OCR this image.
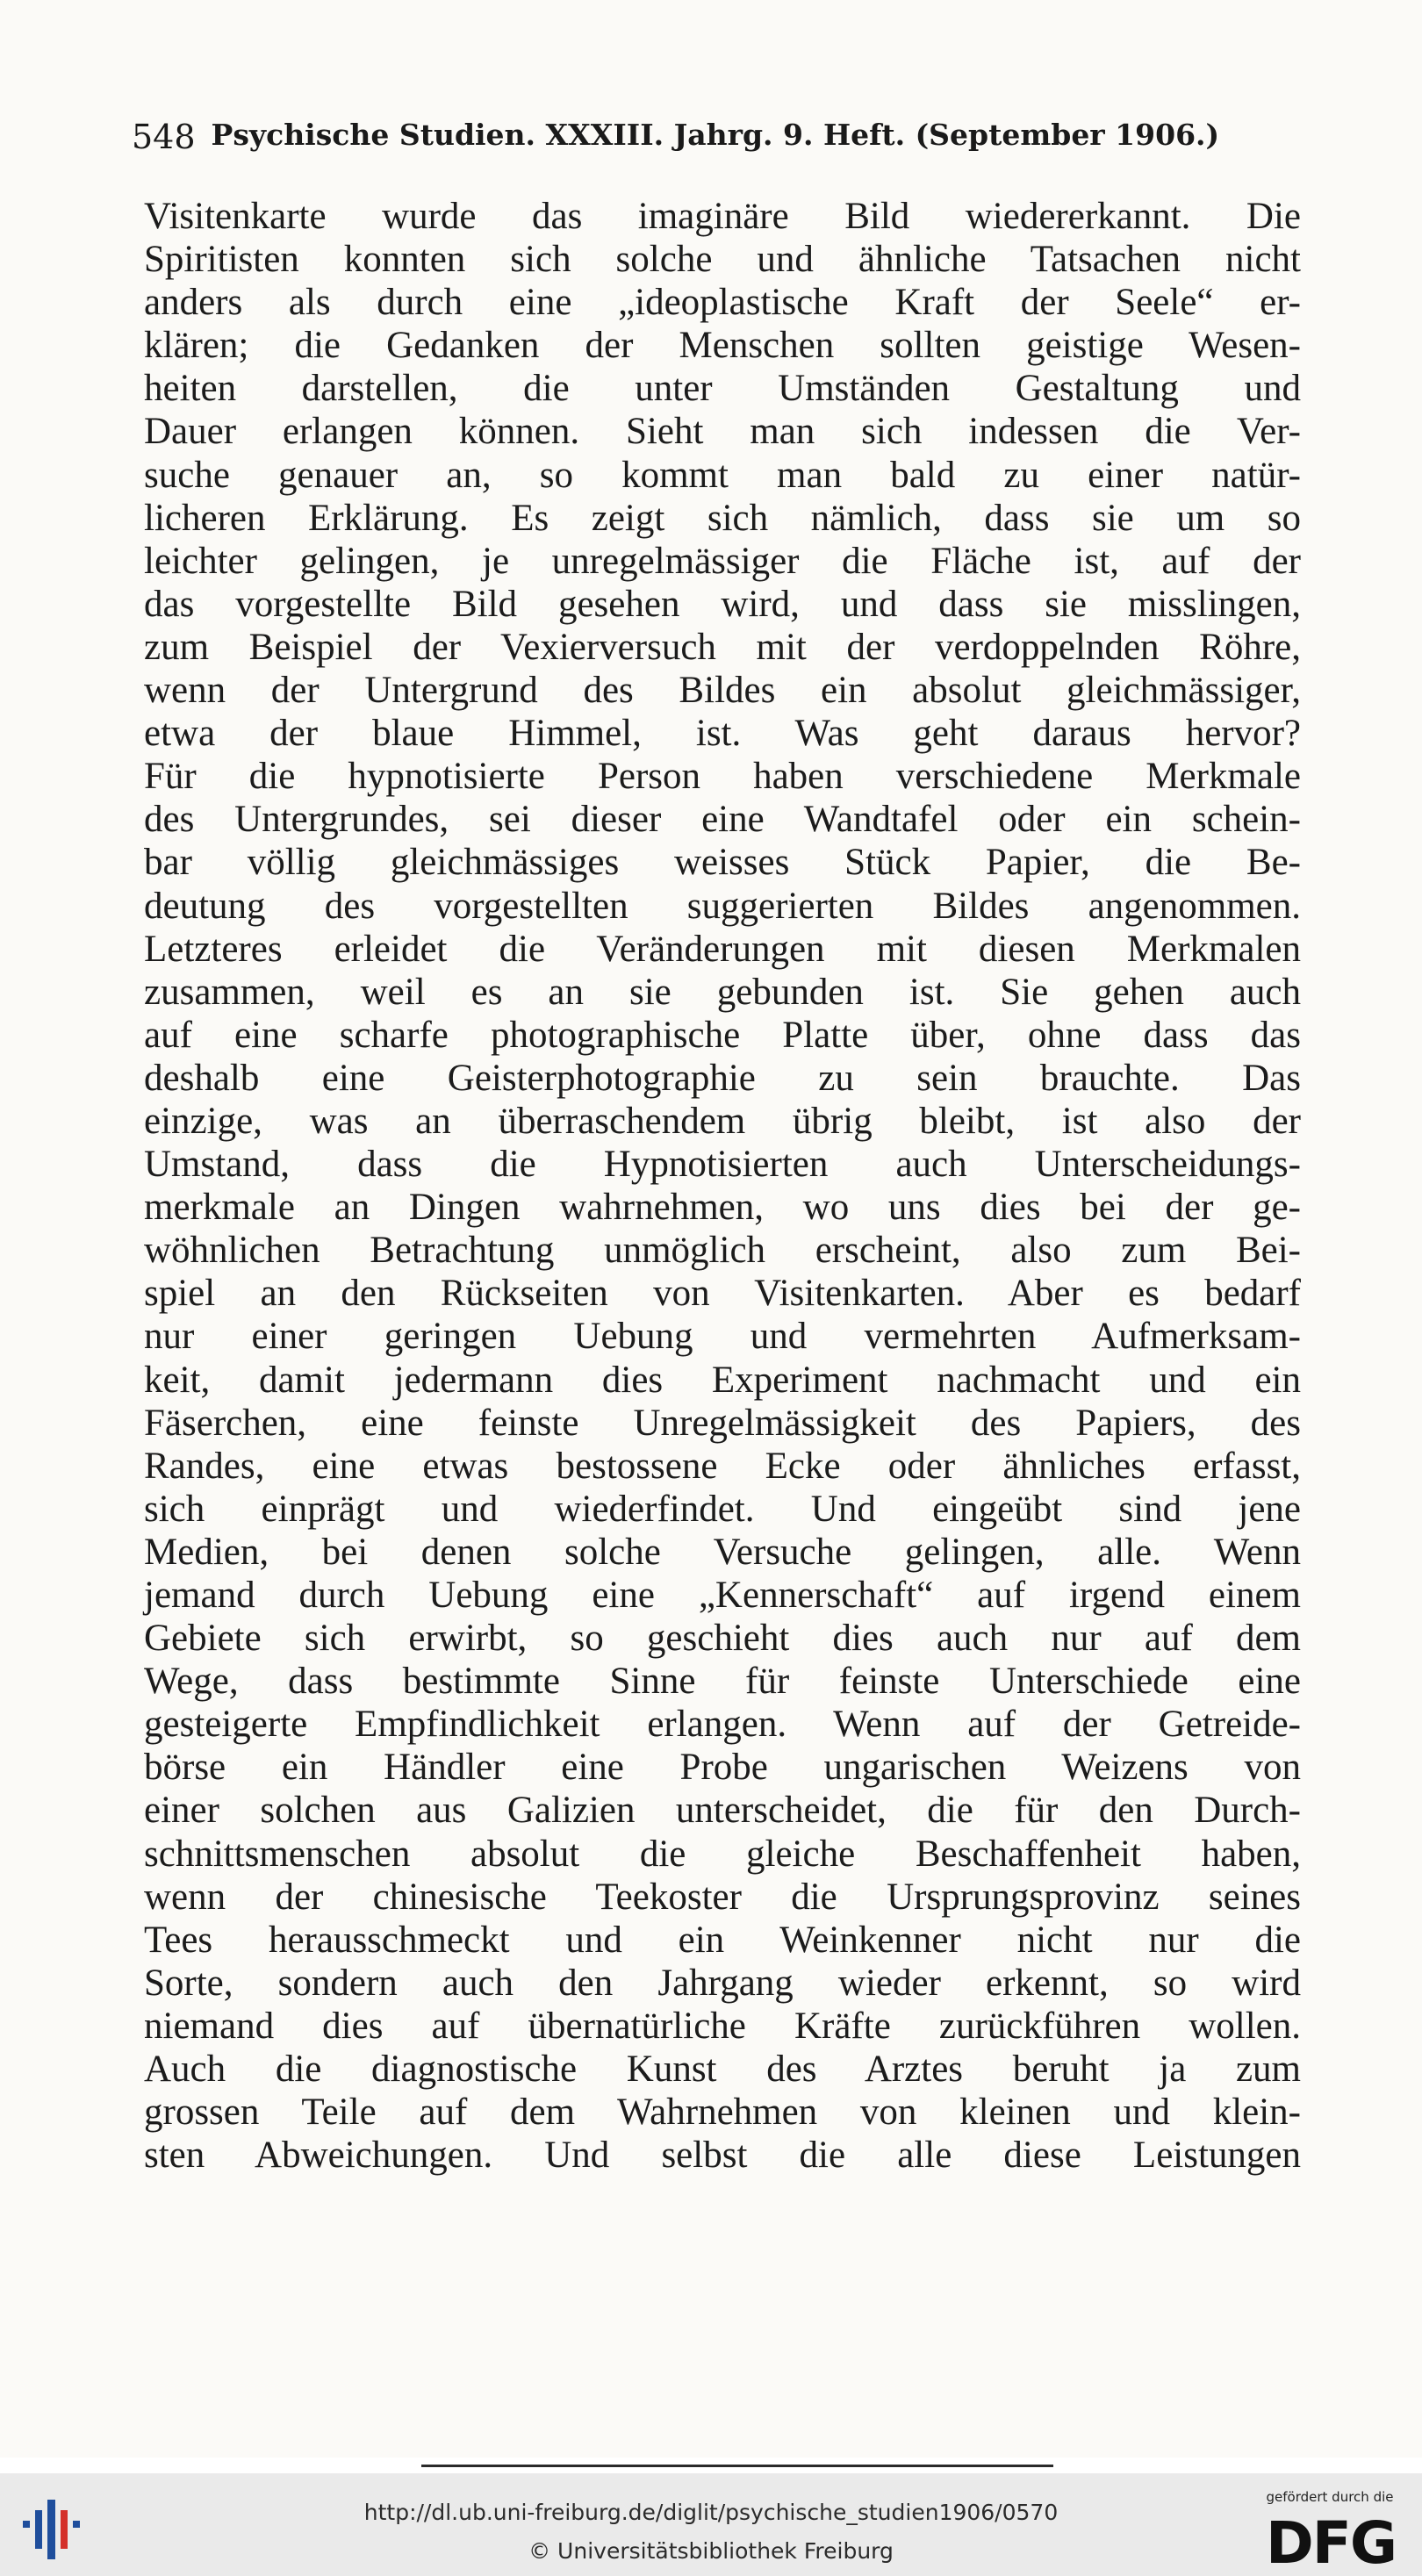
548 Psychische Studien. XXXIII. Jahrg. 9. Heft. (September 1906.)
Visitenkarte wurde das imaginäre Bild wiedererkannt. Die
Spiritisten konnten sich solche und ähnliche Tatsachen nicht
anders als durch eine „ideoplastische Kraft der Seele“ er-
klären; die Gedanken der Menschen sollten geistige Wesen-
heiten darstellen, die unter Umständen Gestaltung und
Dauer erlangen können. Sieht man sich indessen die Ver-
suche genauer an, so kommt man bald zu einer natür-
licheren Erklärung. Es zeigt sich nämlich, dass sie um so
leichter gelingen, je unregelmässiger die Fläche ist, auf der
das vorgestellte Bild gesehen wird, und dass sie misslingen,
zum Beispiel der Vexierversuch mit der verdoppelnden Röhre,
wenn der Untergrund des Bildes ein absolut gleichmässiger,
etwa der blaue Himmel, ist. Was geht daraus hervor?
Für die hypnotisierte Person haben verschiedene Merkmale
des Untergrundes, sei dieser eine Wandtafel oder ein schein-
bar völlig gleichmässiges weisses Stück Papier, die Be-
deutung des vorgestellten suggerierten Bildes angenommen.
Letzteres erleidet die Veränderungen mit diesen Merkmalen
zusammen, weil es an sie gebunden ist. Sie gehen auch
auf eine scharfe photographische Platte über, ohne dass das
deshalb eine Geisterphotographie zu sein brauchte. Das
einzige, was an überraschendem übrig bleibt, ist also der
Umstand, dass die Hypnotisierten auch Unterscheidungs-
merkmale an Dingen wahrnehmen, wo uns dies bei der ge-
wöhnlichen Betrachtung unmöglich erscheint, also zum Bei-
spiel an den Rückseiten von Visitenkarten. Aber es bedarf
nur einer geringen Uebung und vermehrten Aufmerksam-
keit, damit jedermann dies Experiment nachmacht und ein
Fäserchen, eine feinste Unregelmässigkeit des Papiers, des
Randes, eine etwas bestossene Ecke oder ähnliches erfasst,
sich einprägt und wiederfindet. Und eingeübt sind jene
Medien, bei denen solche Versuche gelingen, alle. Wenn
jemand durch Uebung eine „Kennerschaft“ auf irgend einem
Gebiete sich erwirbt, so geschieht dies auch nur auf dem
Wege, dass bestimmte Sinne für feinste Unterschiede eine
gesteigerte Empfindlichkeit erlangen. Wenn auf der Getreide-
börse ein Händler eine Probe ungarischen Weizens von
einer solchen aus Galizien unterscheidet, die für den Durch-
schnittsmenschen absolut die gleiche Beschaffenheit haben,
wenn der chinesische Teekoster die Ursprungsprovinz seines
Tees herausschmeckt und ein Weinkenner nicht nur die
Sorte, sondern auch den Jahrgang wieder erkennt, so wird
niemand dies auf übernatürliche Kräfte zurückführen wollen.
Auch die diagnostische Kunst des Arztes beruht ja zum
grossen Teile auf dem Wahrnehmen von kleinen und klein-
sten Abweichungen. Und selbst die alle diese Leistungen
http://dl.ub.uni-freiburg.de/diglit/psychische_studien1906/0570
© Universitätsbibliothek Freiburg
gefördert durch die
DFG
